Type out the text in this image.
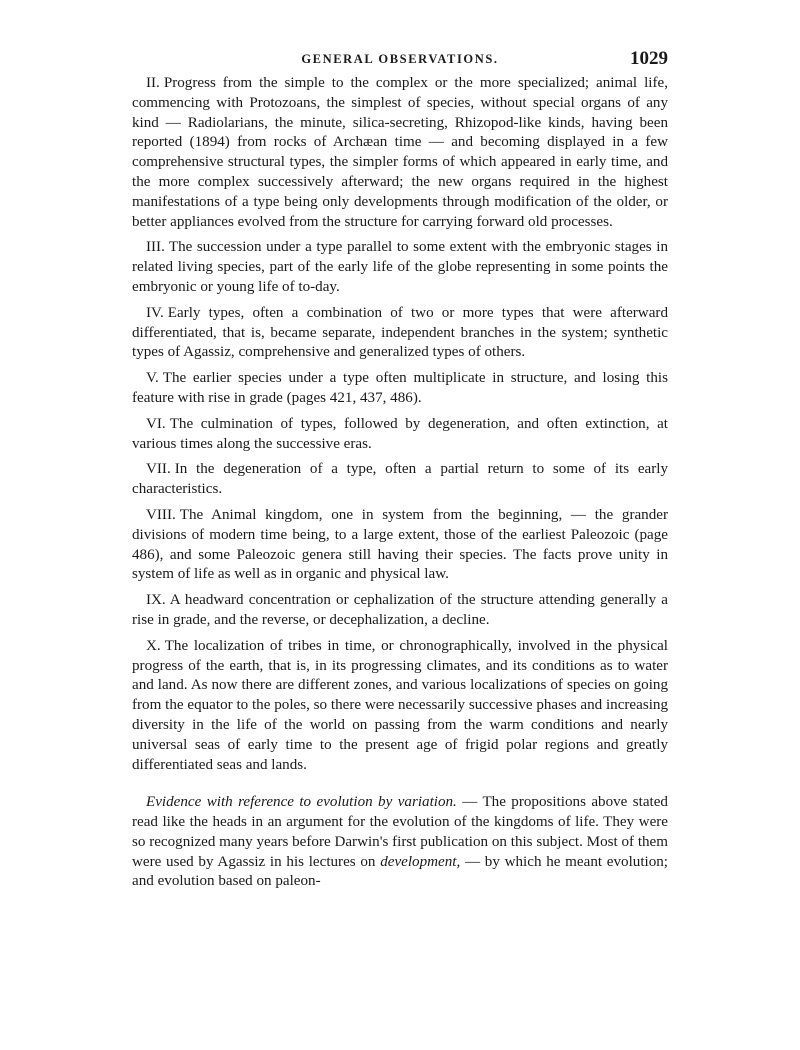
GENERAL OBSERVATIONS.	1029

II. Progress from the simple to the complex or the more specialized; animal life, commencing with Protozoans, the simplest of species, without special organs of any kind — Radiolarians, the minute, silica-secreting, Rhizopod-like kinds, having been reported (1894) from rocks of Archæan time — and becoming displayed in a few comprehensive structural types, the simpler forms of which appeared in early time, and the more complex successively afterward; the new organs required in the highest manifestations of a type being only developments through modification of the older, or better appliances evolved from the structure for carrying forward old processes.

III. The succession under a type parallel to some extent with the embryonic stages in related living species, part of the early life of the globe representing in some points the embryonic or young life of to-day.

IV. Early types, often a combination of two or more types that were afterward differentiated, that is, became separate, independent branches in the system; synthetic types of Agassiz, comprehensive and generalized types of others.

V. The earlier species under a type often multiplicate in structure, and losing this feature with rise in grade (pages 421, 437, 486).

VI. The culmination of types, followed by degeneration, and often extinction, at various times along the successive eras.

VII. In the degeneration of a type, often a partial return to some of its early characteristics.

VIII. The Animal kingdom, one in system from the beginning, — the grander divisions of modern time being, to a large extent, those of the earliest Paleozoic (page 486), and some Paleozoic genera still having their species. The facts prove unity in system of life as well as in organic and physical law.

IX. A headward concentration or cephalization of the structure attending generally a rise in grade, and the reverse, or decephalization, a decline.

X. The localization of tribes in time, or chronographically, involved in the physical progress of the earth, that is, in its progressing climates, and its conditions as to water and land. As now there are different zones, and various localizations of species on going from the equator to the poles, so there were necessarily successive phases and increasing diversity in the life of the world on passing from the warm conditions and nearly universal seas of early time to the present age of frigid polar regions and greatly differentiated seas and lands.

Evidence with reference to evolution by variation. — The propositions above stated read like the heads in an argument for the evolution of the kingdoms of life. They were so recognized many years before Darwin's first publication on this subject. Most of them were used by Agassiz in his lectures on development, — by which he meant evolution; and evolution based on paleon-
